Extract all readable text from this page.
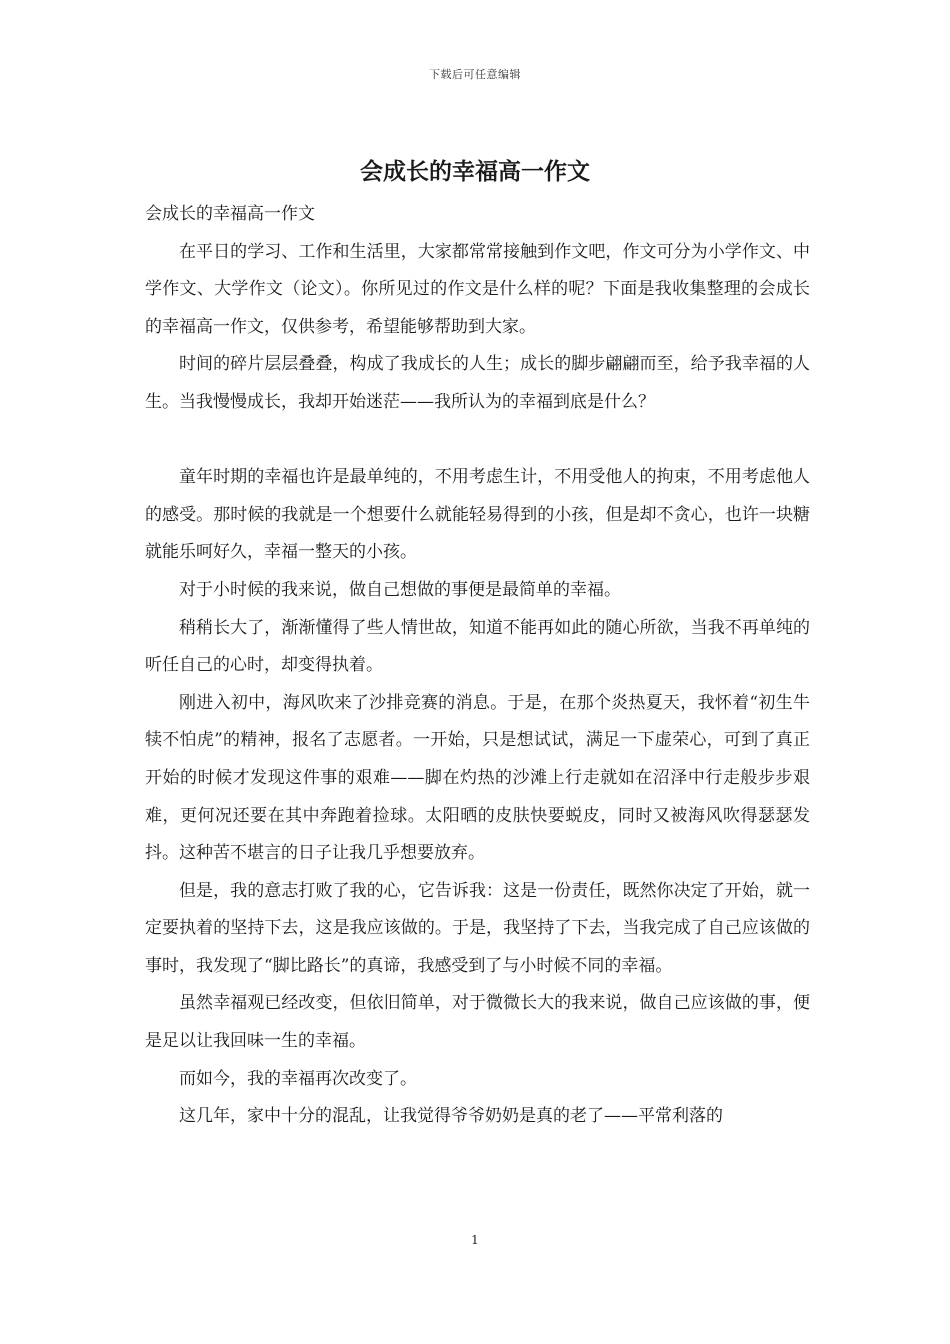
下载后可任意编辑
会成长的幸福高一作文

会成长的幸福高一作文

在平日的学习、工作和生活里，大家都常常接触到作文吧，作文可分为小学作文、中学作文、大学作文（论文）。你所见过的作文是什么样的呢？下面是我收集整理的会成长的幸福高一作文，仅供参考，希望能够帮助到大家。

时间的碎片层层叠叠，构成了我成长的人生；成长的脚步翩翩而至，给予我幸福的人生。当我慢慢成长，我却开始迷茫——我所认为的幸福到底是什么？

童年时期的幸福也许是最单纯的，不用考虑生计，不用受他人的拘束，不用考虑他人的感受。那时候的我就是一个想要什么就能轻易得到的小孩，但是却不贪心，也许一块糖就能乐呵好久，幸福一整天的小孩。

对于小时候的我来说，做自己想做的事便是最简单的幸福。

稍稍长大了，渐渐懂得了些人情世故，知道不能再如此的随心所欲，当我不再单纯的听任自己的心时，却变得执着。

刚进入初中，海风吹来了沙排竞赛的消息。于是，在那个炎热夏天，我怀着“初生牛犊不怕虎”的精神，报名了志愿者。一开始，只是想试试，满足一下虚荣心，可到了真正开始的时候才发现这件事的艰难——脚在灼热的沙滩上行走就如在沼泽中行走般步步艰难，更何况还要在其中奔跑着捡球。太阳晒的皮肤快要蜕皮，同时又被海风吹得瑟瑟发抖。这种苦不堪言的日子让我几乎想要放弃。

但是，我的意志打败了我的心，它告诉我：这是一份责任，既然你决定了开始，就一定要执着的坚持下去，这是我应该做的。于是，我坚持了下去，当我完成了自己应该做的事时，我发现了“脚比路长”的真谛，我感受到了与小时候不同的幸福。

虽然幸福观已经改变，但依旧简单，对于微微长大的我来说，做自己应该做的事，便是足以让我回味一生的幸福。

而如今，我的幸福再次改变了。

这几年，家中十分的混乱，让我觉得爷爷奶奶是真的老了——平常利落的

1
